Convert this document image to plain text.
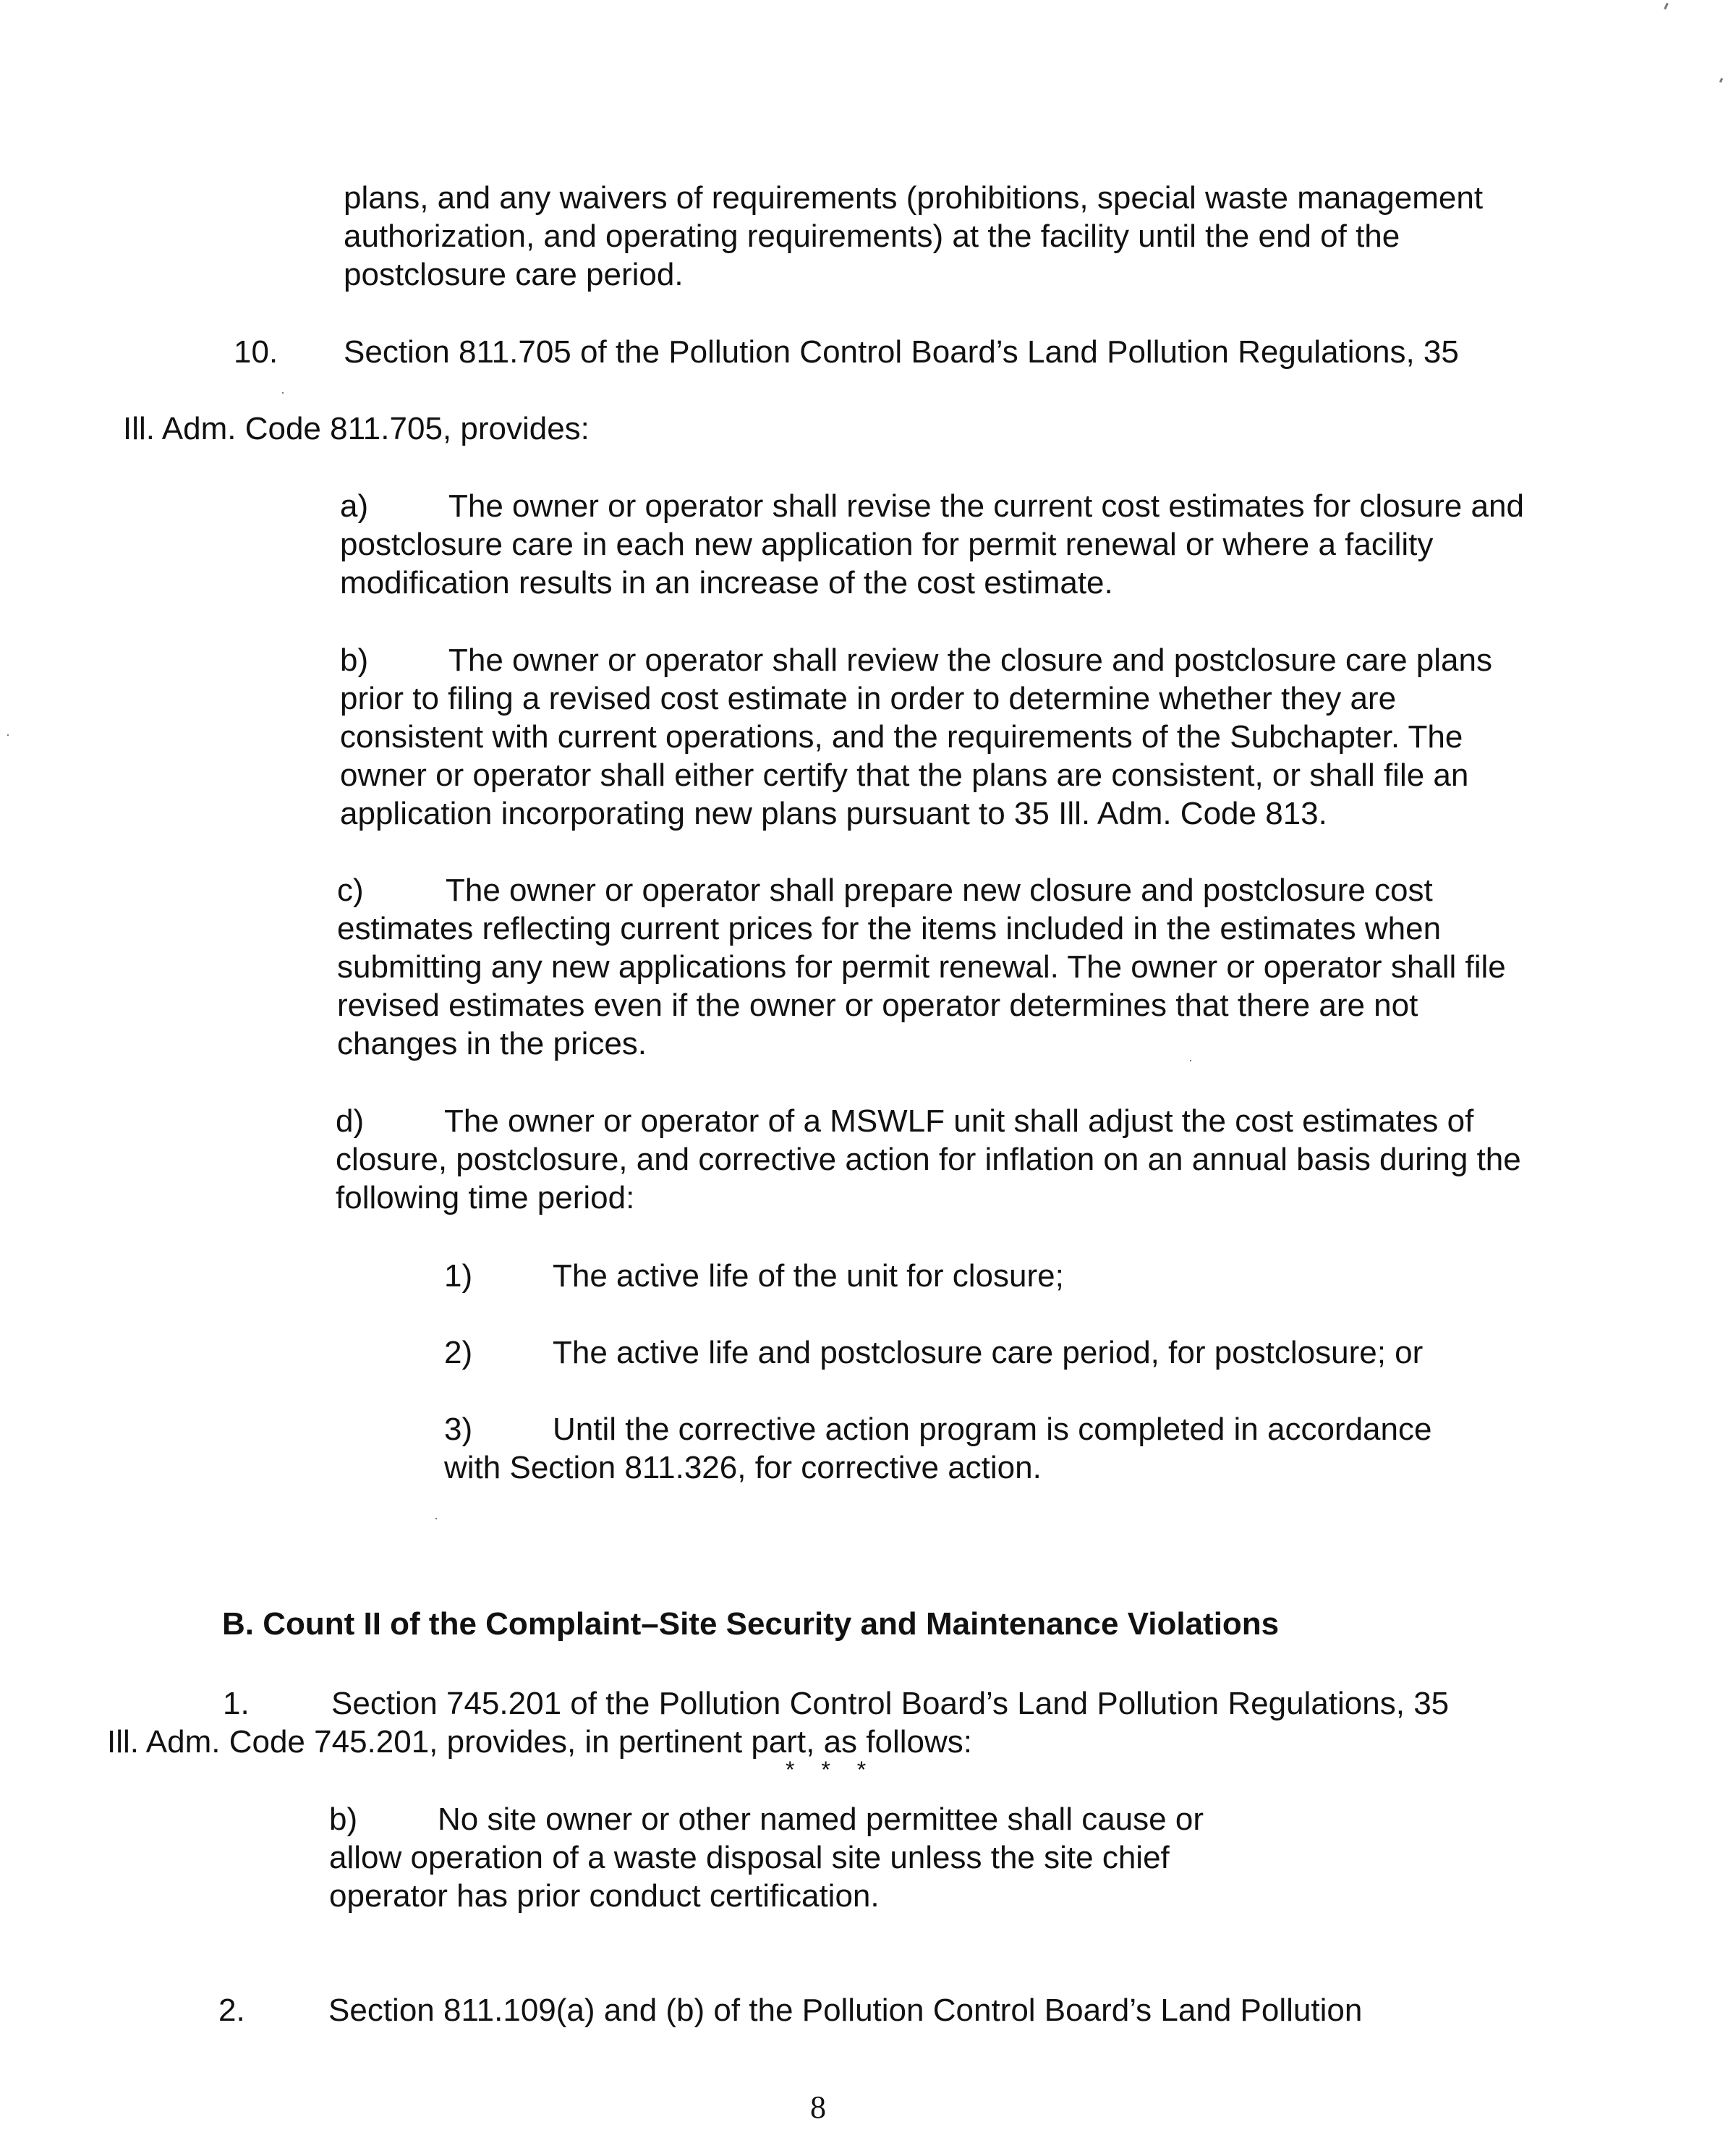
plans, and any waivers of requirements (prohibitions, special waste management authorization, and operating requirements) at the facility until the end of the postclosure care period.

10. Section 811.705 of the Pollution Control Board’s Land Pollution Regulations, 35
Ill. Adm. Code 811.705, provides:
a)	The owner or operator shall revise the current cost estimates for closure and postclosure care in each new application for permit renewal or where a facility modification results in an increase of the cost estimate.
b)	The owner or operator shall review the closure and postclosure care plans prior to filing a revised cost estimate in order to determine whether they are consistent with current operations, and the requirements of the Subchapter. The owner or operator shall either certify that the plans are consistent, or shall file an application incorporating new plans pursuant to 35 Ill. Adm. Code 813.
c)	The owner or operator shall prepare new closure and postclosure cost estimates reflecting current prices for the items included in the estimates when submitting any new applications for permit renewal. The owner or operator shall file revised estimates even if the owner or operator determines that there are not changes in the prices.
d)	The owner or operator of a MSWLF unit shall adjust the cost estimates of closure, postclosure, and corrective action for inflation on an annual basis during the following time period:
1)	The active life of the unit for closure;
2)	The active life and postclosure care period, for postclosure; or
3)	Until the corrective action program is completed in accordance with Section 811.326, for corrective action.
B. Count II of the Complaint–Site Security and Maintenance Violations
1.	Section 745.201 of the Pollution Control Board’s Land Pollution Regulations, 35
Ill. Adm. Code 745.201, provides, in pertinent part, as follows:
* * *
b)	No site owner or other named permittee shall cause or allow operation of a waste disposal site unless the site chief operator has prior conduct certification.
2.	Section 811.109(a) and (b) of the Pollution Control Board’s Land Pollution
8
